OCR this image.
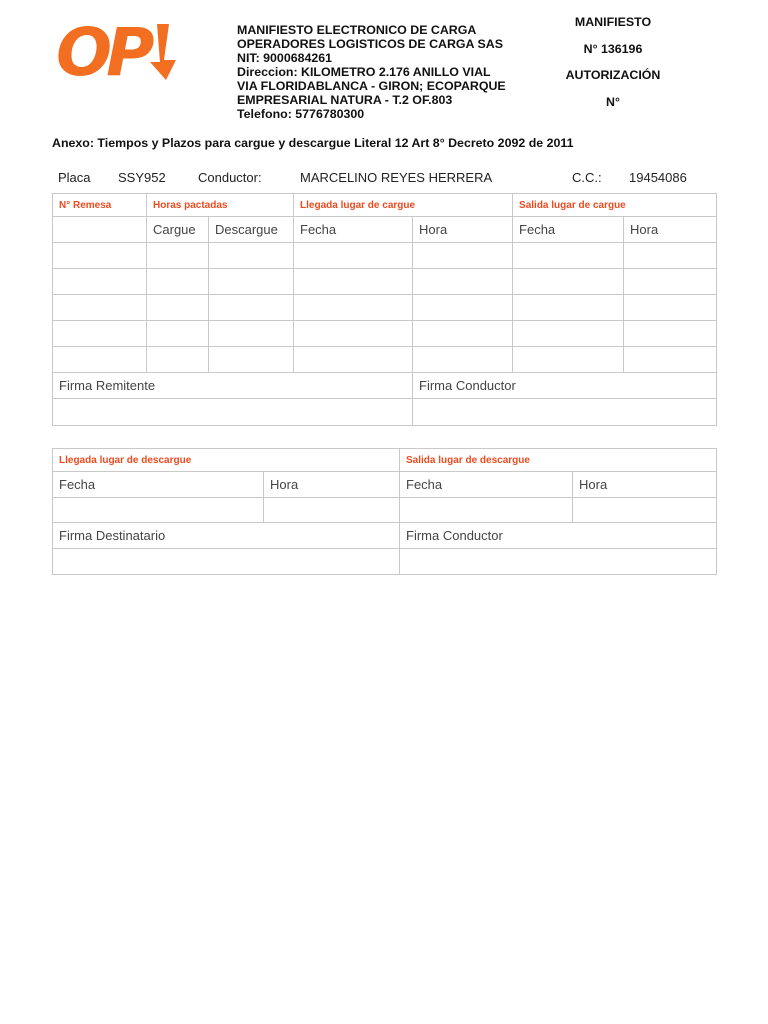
OP	MANIFIESTO ELECTRONICO DE CARGA
OPERADORES LOGISTICOS DE CARGA SAS
NIT: 9000684261
Direccion: KILOMETRO 2.176 ANILLO VIAL
VIA FLORIDABLANCA - GIRON; ECOPARQUE
EMPRESARIAL NATURA - T.2 OF.803
Telefono: 5776780300
MANIFIESTO
N° 136196
AUTORIZACIÓN
N°
Anexo: Tiempos y Plazos para cargue y descargue Literal 12 Art 8° Decreto 2092 de 2011
Placa SSY952 Conductor:	MARCELINO REYES HERRERA	C.C.: 19454086
N° Remesa	Horas pactadas		Llegada lugar de cargue		Salida lugar de cargue	
	Cargue	Descargue	Fecha	Hora	Fecha	Hora

Firma Remitente				Firma Conductor		

Llegada lugar de descargue		Salida lugar de descargue	
Fecha	Hora	Fecha	Hora

Firma Destinatario		Firma Conductor	
